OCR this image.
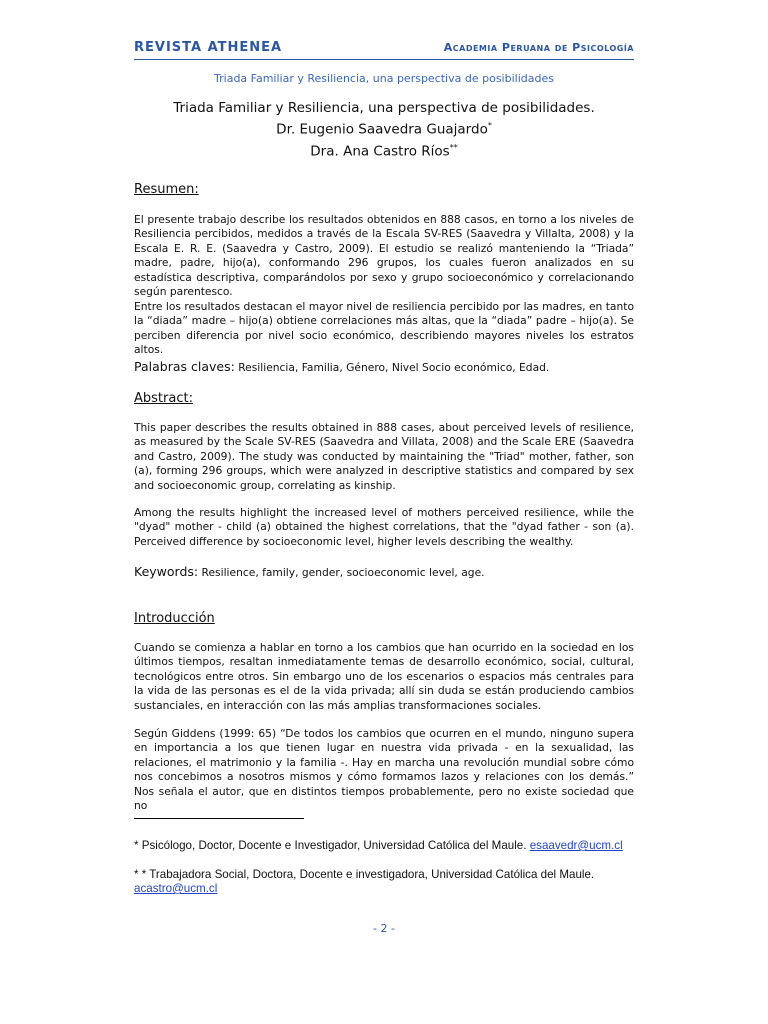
REVISTA ATHENEA	Academia Peruana de Psicología
Triada Familiar y Resiliencia, una perspectiva de posibilidades
Triada Familiar y Resiliencia, una perspectiva de posibilidades.
Dr. Eugenio Saavedra Guajardo*
Dra. Ana Castro Ríos**
Resumen:
El presente trabajo describe los resultados obtenidos en 888 casos, en torno a los niveles de Resiliencia percibidos, medidos a través de la Escala SV-RES (Saavedra y Villalta, 2008) y la Escala E. R. E. (Saavedra y Castro, 2009). El estudio se realizó manteniendo la “Triada” madre, padre, hijo(a), conformando 296 grupos, los cuales fueron analizados en su estadística descriptiva, comparándolos por sexo y grupo socioeconómico y correlacionando según parentesco.
Entre los resultados destacan el mayor nivel de resiliencia percibido por las madres, en tanto la “diada” madre – hijo(a) obtiene correlaciones más altas, que la “diada” padre – hijo(a). Se perciben diferencia por nivel socio económico, describiendo mayores niveles los estratos altos.
Palabras claves: Resiliencia, Familia, Género, Nivel Socio económico, Edad.
Abstract:
This paper describes the results obtained in 888 cases, about perceived levels of resilience, as measured by the Scale SV-RES (Saavedra and Villata, 2008) and the Scale ERE (Saavedra and Castro, 2009). The study was conducted by maintaining the "Triad" mother, father, son (a), forming 296 groups, which were analyzed in descriptive statistics and compared by sex and socioeconomic group, correlating as kinship.
Among the results highlight the increased level of mothers perceived resilience, while the "dyad" mother - child (a) obtained the highest correlations, that the "dyad father - son (a). Perceived difference by socioeconomic level, higher levels describing the wealthy.
Keywords: Resilience, family, gender, socioeconomic level, age.
Introducción
Cuando se comienza a hablar en torno a los cambios que han ocurrido en la sociedad en los últimos tiempos, resaltan inmediatamente temas de desarrollo económico, social, cultural, tecnológicos entre otros. Sin embargo uno de los escenarios o espacios más centrales para la vida de las personas es el de la vida privada; allí sin duda se están produciendo cambios sustanciales, en interacción con las más amplias transformaciones sociales.
Según Giddens (1999: 65) “De todos los cambios que ocurren en el mundo, ninguno supera en importancia a los que tienen lugar en nuestra vida privada - en la sexualidad, las relaciones, el matrimonio y la familia -. Hay en marcha una revolución mundial sobre cómo nos concebimos a nosotros mismos y cómo formamos lazos y relaciones con los demás.” Nos señala el autor, que en distintos tiempos probablemente, pero no existe sociedad que no
* Psicólogo, Doctor, Docente e Investigador, Universidad Católica del Maule. esaavedr@ucm.cl
* * Trabajadora Social, Doctora, Docente e investigadora, Universidad Católica del Maule. acastro@ucm.cl
- 2 -
